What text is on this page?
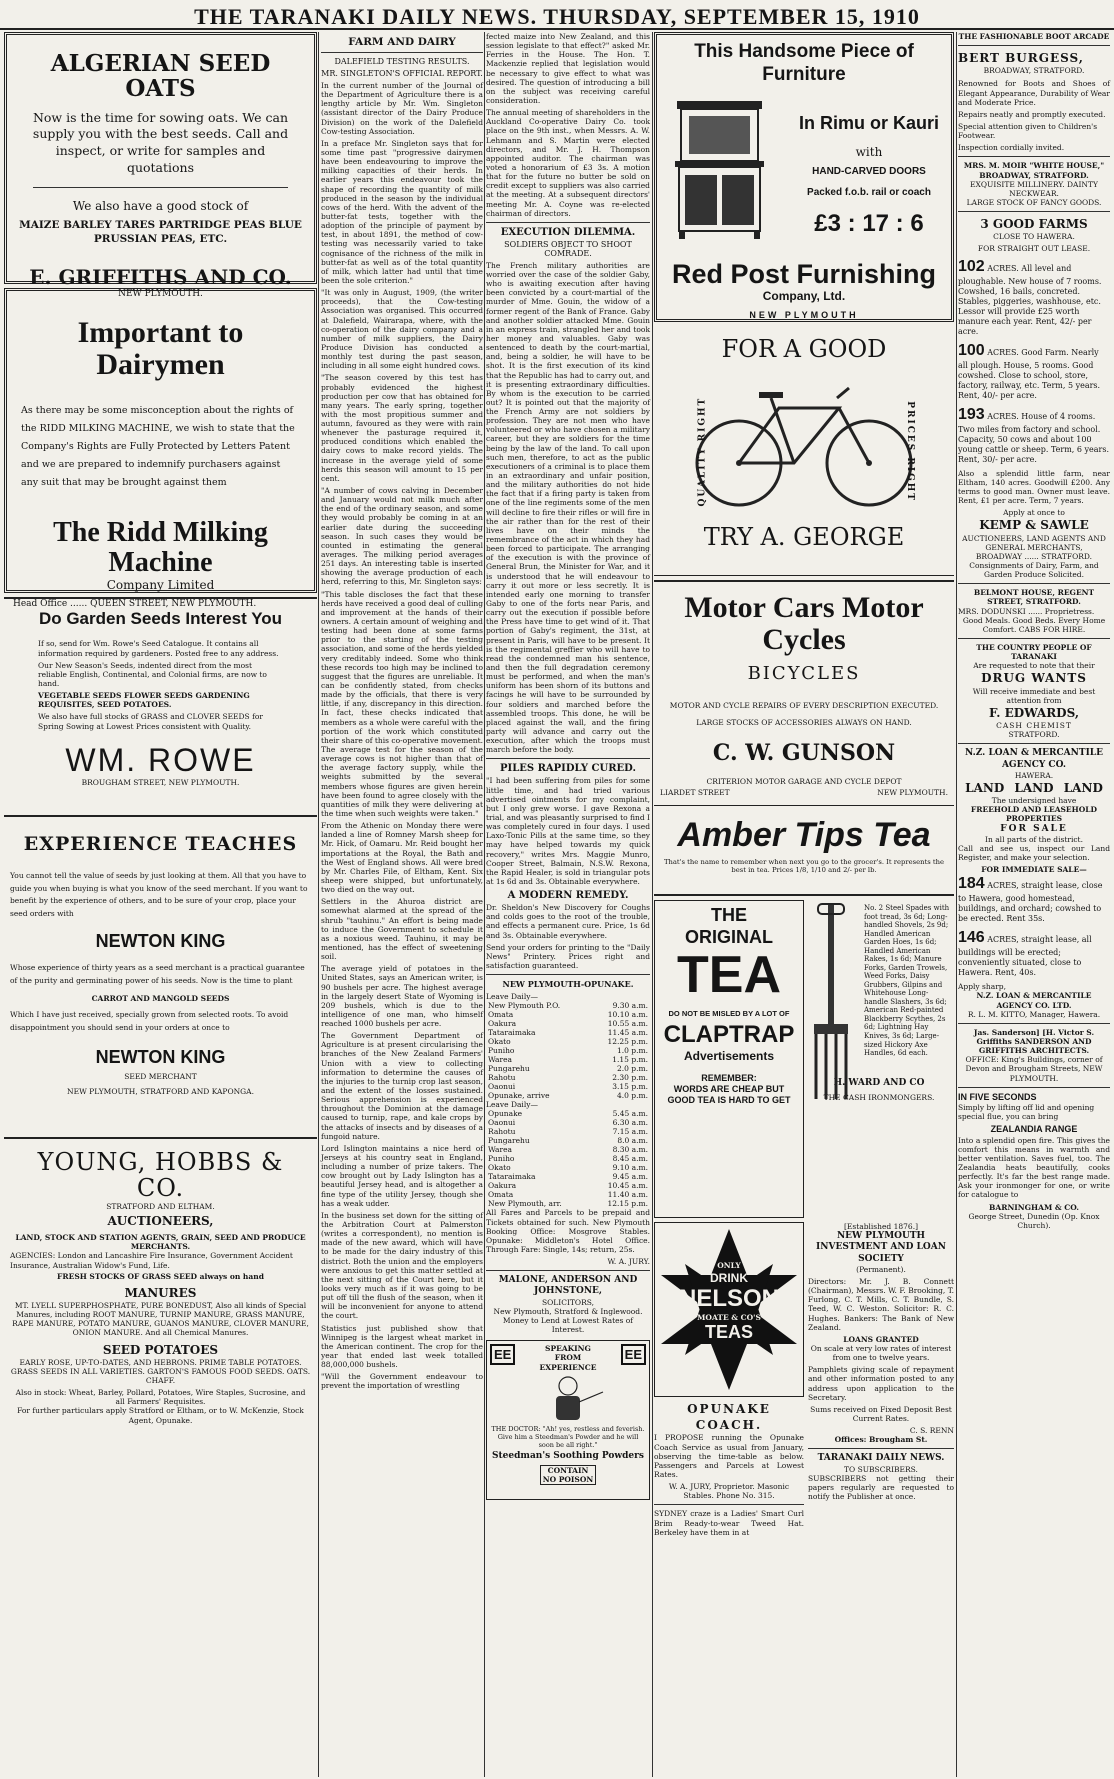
THE TARANAKI DAILY NEWS. THURSDAY, SEPTEMBER 15, 1910
ALGERIAN SEED OATS
Now is the time for sowing oats. We can supply you with the best seeds. Call and inspect, or write for samples and quotations
We also have a good stock of
MAIZE BARLEY TARES PARTRIDGE PEAS BLUE PRUSSIAN PEAS, ETC.
E. GRIFFITHS AND CO.
NEW PLYMOUTH.
Important to Dairymen
As there may be some misconception about the rights of the RIDD MILKING MACHINE, we wish to state that the Company's Rights are Fully Protected by Letters Patent and we are prepared to indemnify purchasers against any suit that may be brought against them
The Ridd Milking Machine
Company Limited
Head Office ...... QUEEN STREET, NEW PLYMOUTH.
Do Garden Seeds Interest You

If so, send for Wm. Rowe's Seed Catalogue. It contains all information required by gardeners. Posted free to any address.

Our New Season's Seeds, indented direct from the most reliable English, Continental, and Colonial firms, are now to hand.

VEGETABLE SEEDS FLOWER SEEDS GARDENING REQUISITES, SEED POTATOES.

We also have full stocks of GRASS and CLOVER SEEDS for Spring Sowing at Lowest Prices consistent with Quality.

WM. ROWE
BROUGHAM STREET, NEW PLYMOUTH.
EXPERIENCE TEACHES

You cannot tell the value of seeds by just looking at them. All that you have to guide you when buying is what you know of the seed merchant. If you want to benefit by the experience of others, and to be sure of your crop, place your seed orders with

NEWTON KING

Whose experience of thirty years as a seed merchant is a practical guarantee of the purity and germinating power of his seeds. Now is the time to plant

CARROT AND MANGOLD SEEDS

Which I have just received, specially grown from selected roots. To avoid disappointment you should send in your orders at once to

NEWTON KING
SEED MERCHANT
NEW PLYMOUTH, STRATFORD AND KAPONGA.
YOUNG, HOBBS & CO.
STRATFORD AND ELTHAM.
AUCTIONEERS,
LAND, STOCK AND STATION AGENTS, GRAIN, SEED AND PRODUCE MERCHANTS.
AGENCIES: London and Lancashire Fire Insurance, Government Accident Insurance, Australian Widow's Fund, Life.
FRESH STOCKS OF GRASS SEED always on hand
MANURES
MT. LYELL SUPERPHOSPHATE, PURE BONEDUST, Also all kinds of Special Manures, including ROOT MANURE, TURNIP MANURE, GRASS MANURE, RAPE MANURE, POTATO MANURE, GUANOS MANURE, CLOVER MANURE, ONION MANURE. And all Chemical Manures.
SEED POTATOES
EARLY ROSE, UP-TO-DATES, AND HEBRONS. PRIME TABLE POTATOES. GRASS SEEDS IN ALL VARIETIES. GARTON'S FAMOUS FOOD SEEDS. OATS. CHAFF.
Also in stock: Wheat, Barley, Pollard, Potatoes, Wire Staples, Sucrosine, and all Farmers' Requisites.
For further particulars apply Stratford or Eltham, or to W. McKenzie, Stock Agent, Opunake.
FARM AND DAIRY
DALEFIELD TESTING RESULTS.
MR. SINGLETON'S OFFICIAL REPORT.

In the current number of the Journal of the Department of Agriculture there is a lengthy article by Mr. Wm. Singleton (assistant director of the Dairy Produce Division) on the work of the Dalefield Cow-testing Association.

In a preface Mr. Singleton says that for some time past "progressive dairymen have been endeavouring to improve the milking capacities of their herds. In earlier years this endeavour took the shape of recording the quantity of milk produced in the season by the individual cows of the herd. With the advent of the butter-fat tests, together with the adoption of the principle of payment by test, in about 1891, the method of cow-testing was necessarily varied to take cognisance of the richness of the milk in butter-fat as well as of the total quantity of milk, which latter had until that time been the sole criterion."

"It was only in August, 1909, (the writer proceeds), that the Cow-testing Association was organised. This occurred at Dalefield, Wairarapa, where, with the co-operation of the dairy company and a number of milk suppliers, the Dairy Produce Division has conducted a monthly test during the past season, including in all some eight hundred cows.

"The season covered by this test has probably evidenced the highest production per cow that has obtained for many years. The early spring, together with the most propitious summer and autumn, favoured as they were with rain whenever the pasturage required it, produced conditions which enabled the dairy cows to make record yields. The increase in the average yield of some herds this season will amount to 15 per cent.

"A number of cows calving in December and January would not milk much after the end of the ordinary season, and some they would probably be coming in at an earlier date during the succeeding season. In such cases they would be counted in estimating the general averages. The milking period averages 251 days. An interesting table is inserted showing the average production of each herd, referring to this, Mr. Singleton says:

"This table discloses the fact that these herds have received a good deal of culling and improvement at the hands of their owners. A certain amount of weighing and testing had been done at some farms prior to the starting of the testing association, and some of the herds yielded very creditably indeed. Some who think these records too high may be inclined to suggest that the figures are unreliable. It can be confidently stated, from checks made by the officials, that there is very little, if any, discrepancy in this direction. In fact, these checks indicated that members as a whole were careful with the portion of the work which constituted their share of this co-operative movement. The average test for the season of the average cows is not higher than that of the average factory supply, while the weights submitted by the several members whose figures are given herein have been found to agree closely with the quantities of milk they were delivering at the time when such weights were taken."

From the Athenic on Monday there were landed a line of Romney Marsh sheep for Mr. Hick, of Oamaru. Mr. Reid bought her importations at the Royal, the Bath and the West of England shows. All were bred by Mr. Charles File, of Eltham, Kent. Six sheep were shipped, but unfortunately, two died on the way out.

Settlers in the Ahuroa district are somewhat alarmed at the spread of the shrub "tauhinu." An effort is being made to induce the Government to schedule it as a noxious weed. Tauhinu, it may be mentioned, has the effect of sweetening soil.

The average yield of potatoes in the United States, says an American writer, is 90 bushels per acre. The highest average in the largely desert State of Wyoming is 209 bushels, which is due to the intelligence of one man, who himself reached 1000 bushels per acre.

The Government Department of Agriculture is at present circularising the branches of the New Zealand Farmers' Union with a view to collecting information to determine the causes of the injuries to the turnip crop last season, and the extent of the losses sustained. Serious apprehension is experienced throughout the Dominion at the damage caused to turnip, rape, and kale crops by the attacks of insects and by diseases of a fungoid nature.

Lord Islington maintains a nice herd of Jerseys at his country seat in England, including a number of prize takers. The cow brought out by Lady Islington has a beautiful Jersey head, and is altogether a fine type of the utility Jersey, though she has a weak udder.

In the business set down for the sitting of the Arbitration Court at Palmerston (writes a correspondent), no mention is made of the new award, which will have to be made for the dairy industry of this district. Both the union and the employers were anxious to get this matter settled at the next sitting of the Court here, but it looks very much as if it was going to be put off till the flush of the season, when it will be inconvenient for anyone to attend the court.

Statistics just published show that Winnipeg is the largest wheat market in the American continent. The crop for the year that ended last week totalled 88,000,000 bushels.

"Will the Government endeavour to prevent the importation of wrestling

fected maize into New Zealand, and this session legislate to that effect?" asked Mr. Ferries in the House. The Hon. T. Mackenzie replied that legislation would be necessary to give effect to what was desired. The question of introducing a bill on the subject was receiving careful consideration.

The annual meeting of shareholders in the Auckland Co-operative Dairy Co. took place on the 9th inst., when Messrs. A. W. Lehmann and S. Martin were elected directors, and Mr. J. H. Thompson appointed auditor. The chairman was voted a honorarium of £3 3s. A motion that for the future no butter be sold on credit except to suppliers was also carried at the meeting. At a subsequent directors' meeting Mr. A. Coyne was re-elected chairman of directors.

EXECUTION DILEMMA.
SOLDIERS OBJECT TO SHOOT COMRADE.

The French military authorities are worried over the case of the soldier Gaby, who is awaiting execution after having been convicted by a court-martial of the murder of Mme. Gouin, the widow of a former regent of the Bank of France. Gaby and another soldier attacked Mme. Gouin in an express train, strangled her and took her money and valuables. Gaby was sentenced to death by the court-martial, and, being a soldier, he will have to be shot. It is the first execution of its kind that the Republic has had to carry out, and it is presenting extraordinary difficulties. By whom is the execution to be carried out? It is pointed out that the majority of the French Army are not soldiers by profession. They are not men who have volunteered or who have chosen a military career, but they are soldiers for the time being by the law of the land. To call upon such men, therefore, to act as the public executioners of a criminal is to place them in an extraordinary and unfair position, and the military authorities do not hide the fact that if a firing party is taken from one of the line regiments some of the men will decline to fire their rifles or will fire in the air rather than for the rest of their lives have on their minds the remembrance of the act in which they had been forced to participate. The arranging of the execution is with the province of General Brun, the Minister for War, and it is understood that he will endeavour to carry it out more or less secretly. It is intended early one morning to transfer Gaby to one of the forts near Paris, and carry out the execution if possible before the Press have time to get wind of it. That portion of Gaby's regiment, the 31st, at present in Paris, will have to be present. It is the regimental greffier who will have to read the condemned man his sentence, and then the full degradation ceremony must be performed, and when the man's uniform has been shorn of its buttons and facings he will have to be surrounded by four soldiers and marched before the assembled troops. This done, he will be placed against the wall, and the firing party will advance and carry out the execution, after which the troops must march before the body.

PILES RAPIDLY CURED.

"I had been suffering from piles for some little time, and had tried various advertised ointments for my complaint, but I only grew worse. I gave Rexona a trial, and was pleasantly surprised to find I was completely cured in four days. I used Laxo-Tonic Pills at the same time, so they may have helped towards my quick recovery," writes Mrs. Maggie Munro, Cooper Street, Balmain, N.S.W. Rexona, the Rapid Healer, is sold in triangular pots at 1s 6d and 3s. Obtainable everywhere.

A MODERN REMEDY.

Dr. Sheldon's New Discovery for Coughs and colds goes to the root of the trouble, and effects a permanent cure. Price, 1s 6d and 3s. Obtainable everywhere.

Send your orders for printing to the "Daily News" Printery. Prices right and satisfaction guaranteed.

NEW PLYMOUTH-OPUNAKE.
Leave Daily—
New Plymouth P.O.	9.30 a.m.
Omata	10.10 a.m.
Oakura	10.55 a.m.
Tataraimaka	11.45 a.m.
Okato	12.25 p.m.
Puniho	1.0 p.m.
Warea	1.15 p.m.
Pungarehu	2.0 p.m.
Rahotu	2.30 p.m.
Oaonui	3.15 p.m.
Opunake, arrive	4.0 p.m.
Leave Daily—
Opunake	5.45 a.m.
Oaonui	6.30 a.m.
Rahotu	7.15 a.m.
Pungarehu	8.0 a.m.
Warea	8.30 a.m.
Puniho	8.45 a.m.
Okato	9.10 a.m.
Tataraimaka	9.45 a.m.
Oakura	10.45 a.m.
Omata	11.40 a.m.
New Plymouth, arr.	12.15 p.m.

All Fares and Parcels to be prepaid and Tickets obtained for such. New Plymouth Booking Office: Mosgrove Stables. Opunake: Middleton's Hotel Office. Through Fare: Single, 14s; return, 25s.

W. A. JURY.
MALONE, ANDERSON AND JOHNSTONE,
SOLICITORS,
New Plymouth, Stratford & Inglewood. Money to Lend at Lowest Rates of Interest.
EE	SPEAKING FROM EXPERIENCE
EE
THE DOCTOR: "Ah! yes, restless and feverish. Give him a Steedman's Powder and he will soon be all right."
Steedman's Soothing Powders
CONTAIN NO POISON
This Handsome Piece of Furniture
In Rimu or Kauri
with
HAND-CARVED DOORS
Packed f.o.b. rail or coach
£3 : 17 : 6
Red Post Furnishing
Company, Ltd.
NEW PLYMOUTH
FOR A GOOD
QUALITY RIGHT	PRICES RIGHT
TRY A. GEORGE
Motor Cars Motor Cycles
BICYCLES
MOTOR AND CYCLE REPAIRS OF EVERY DESCRIPTION EXECUTED.
LARGE STOCKS OF ACCESSORIES ALWAYS ON HAND.
C. W. GUNSON
CRITERION MOTOR GARAGE AND CYCLE DEPOT
LIARDET STREET	NEW PLYMOUTH.
Amber Tips Tea
That's the name to remember when next you go to the grocer's. It represents the best in tea. Prices 1/8, 1/10 and 2/- per lb.
THE
ORIGINAL
TEA
DO NOT BE MISLED BY A LOT OF
CLAPTRAP
Advertisements
REMEMBER:
WORDS ARE CHEAP BUT GOOD TEA IS HARD TO GET
No. 2 Steel Spades with foot tread, 3s 6d; Long-handled Shovels, 2s 9d; Handled American Garden Hoes, 1s 6d; Handled American Rakes, 1s 6d; Manure Forks, Garden Trowels, Weed Forks, Daisy Grubbers, Gilpins and Whitehouse Long-handle Slashers, 3s 6d; American Red-painted Blackberry Scythes, 2s 6d; Lightning Hay Knives, 3s 6d; Large-sized Hickory Axe Handles, 6d each.
H. WARD AND CO
THE CASH IRONMONGERS.
ONLY
DRINK
NELSON
MOATE & CO'S
TEAS
OPUNAKE COACH.

I PROPOSE running the Opunake Coach Service as usual from January, observing the time-table as below. Passengers and Parcels at Lowest Rates.

W. A. JURY, Proprietor. Masonic Stables. Phone No. 315.

SYDNEY craze is a Ladies' Smart Curl Brim Ready-to-wear Tweed Hat. Berkeley have them in at

[Established 1876.]
NEW PLYMOUTH INVESTMENT AND LOAN SOCIETY
(Permanent).

Directors: Mr. J. B. Connett (Chairman), Messrs. W. F. Brooking, T. Furlong, C. T. Mills, C. T. Bundle, S. Teed, W. C. Weston. Solicitor: R. C. Hughes. Bankers: The Bank of New Zealand.

LOANS GRANTED

On scale at very low rates of interest from one to twelve years.

Pamphlets giving scale of repayment and other information posted to any address upon application to the Secretary.

Sums received on Fixed Deposit Best Current Rates.

C. S. RENN
Offices: Brougham St.
TARANAKI DAILY NEWS.
TO SUBSCRIBERS.

SUBSCRIBERS not getting their papers regularly are requested to notify the Publisher at once.

THE FASHIONABLE BOOT ARCADE
BERT BURGESS,
BROADWAY, STRATFORD.

Renowned for Boots and Shoes of Elegant Appearance, Durability of Wear and Moderate Price.

Repairs neatly and promptly executed.

Special attention given to Children's Footwear.

Inspection cordially invited.

MRS. M. MOIR "WHITE HOUSE," BROADWAY, STRATFORD.
EXQUISITE MILLINERY. DAINTY NECKWEAR.
LARGE STOCK OF FANCY GOODS.
3 GOOD FARMS
CLOSE TO HAWERA.
FOR STRAIGHT OUT LEASE.
102 ACRES. All level and ploughable. New house of 7 rooms. Cowshed, 16 bails, concreted. Stables, piggeries, washhouse, etc. Lessor will provide £25 worth manure each year. Rent, 42/- per acre.
100 ACRES. Good Farm. Nearly all plough. House, 5 rooms. Good cowshed. Close to school, store, factory, railway, etc. Term, 5 years. Rent, 40/- per acre.
193 ACRES. House of 4 rooms. Two miles from factory and school. Capacity, 50 cows and about 100 young cattle or sheep. Term, 6 years. Rent, 30/- per acre.

Also a splendid little farm, near Eltham, 140 acres. Goodwill £200. Any terms to good man. Owner must leave. Rent, £1 per acre. Term, 7 years.

Apply at once to
KEMP & SAWLE
AUCTIONEERS, LAND AGENTS AND GENERAL MERCHANTS,
BROADWAY ...... STRATFORD.
Consignments of Dairy, Farm, and Garden Produce Solicited.
BELMONT HOUSE, REGENT STREET, STRATFORD.
MRS. DODUNSKI ...... Proprietress.
Good Meals. Good Beds. Every Home Comfort. CABS FOR HIRE.
THE COUNTRY PEOPLE OF TARANAKI
Are requested to note that their
DRUG WANTS
Will receive immediate and best attention from
F. EDWARDS,
CASH CHEMIST
STRATFORD.
N.Z. LOAN & MERCANTILE AGENCY CO.
HAWERA.
LAND LAND LAND
The undersigned have
FREEHOLD AND LEASEHOLD PROPERTIES
FOR SALE
In all parts of the district.

Call and see us, inspect our Land Register, and make your selection.

FOR IMMEDIATE SALE—
184 ACRES, straight lease, close to Hawera, good homestead, buildings, and orchard; cowshed to be erected. Rent 35s.
146 ACRES, straight lease, all buildings will be erected; conveniently situated, close to Hawera. Rent, 40s.
Apply sharp,
N.Z. LOAN & MERCANTILE AGENCY CO. LTD.
R. L. M. KITTO, Manager, Hawera.
Jas. Sanderson] [H. Victor S. Griffiths SANDERSON AND GRIFFITHS ARCHITECTS.
OFFICE: King's Buildings, corner of Devon and Brougham Streets, NEW PLYMOUTH.
IN FIVE SECONDS

Simply by lifting off lid and opening special flue, you can bring

ZEALANDIA RANGE

Into a splendid open fire. This gives the comfort this means in warmth and better ventilation. Saves fuel, too. The Zealandia heats beautifully, cooks perfectly. It's far the best range made. Ask your ironmonger for one, or write for catalogue to

BARNINGHAM & CO.
George Street, Dunedin (Op. Knox Church).
